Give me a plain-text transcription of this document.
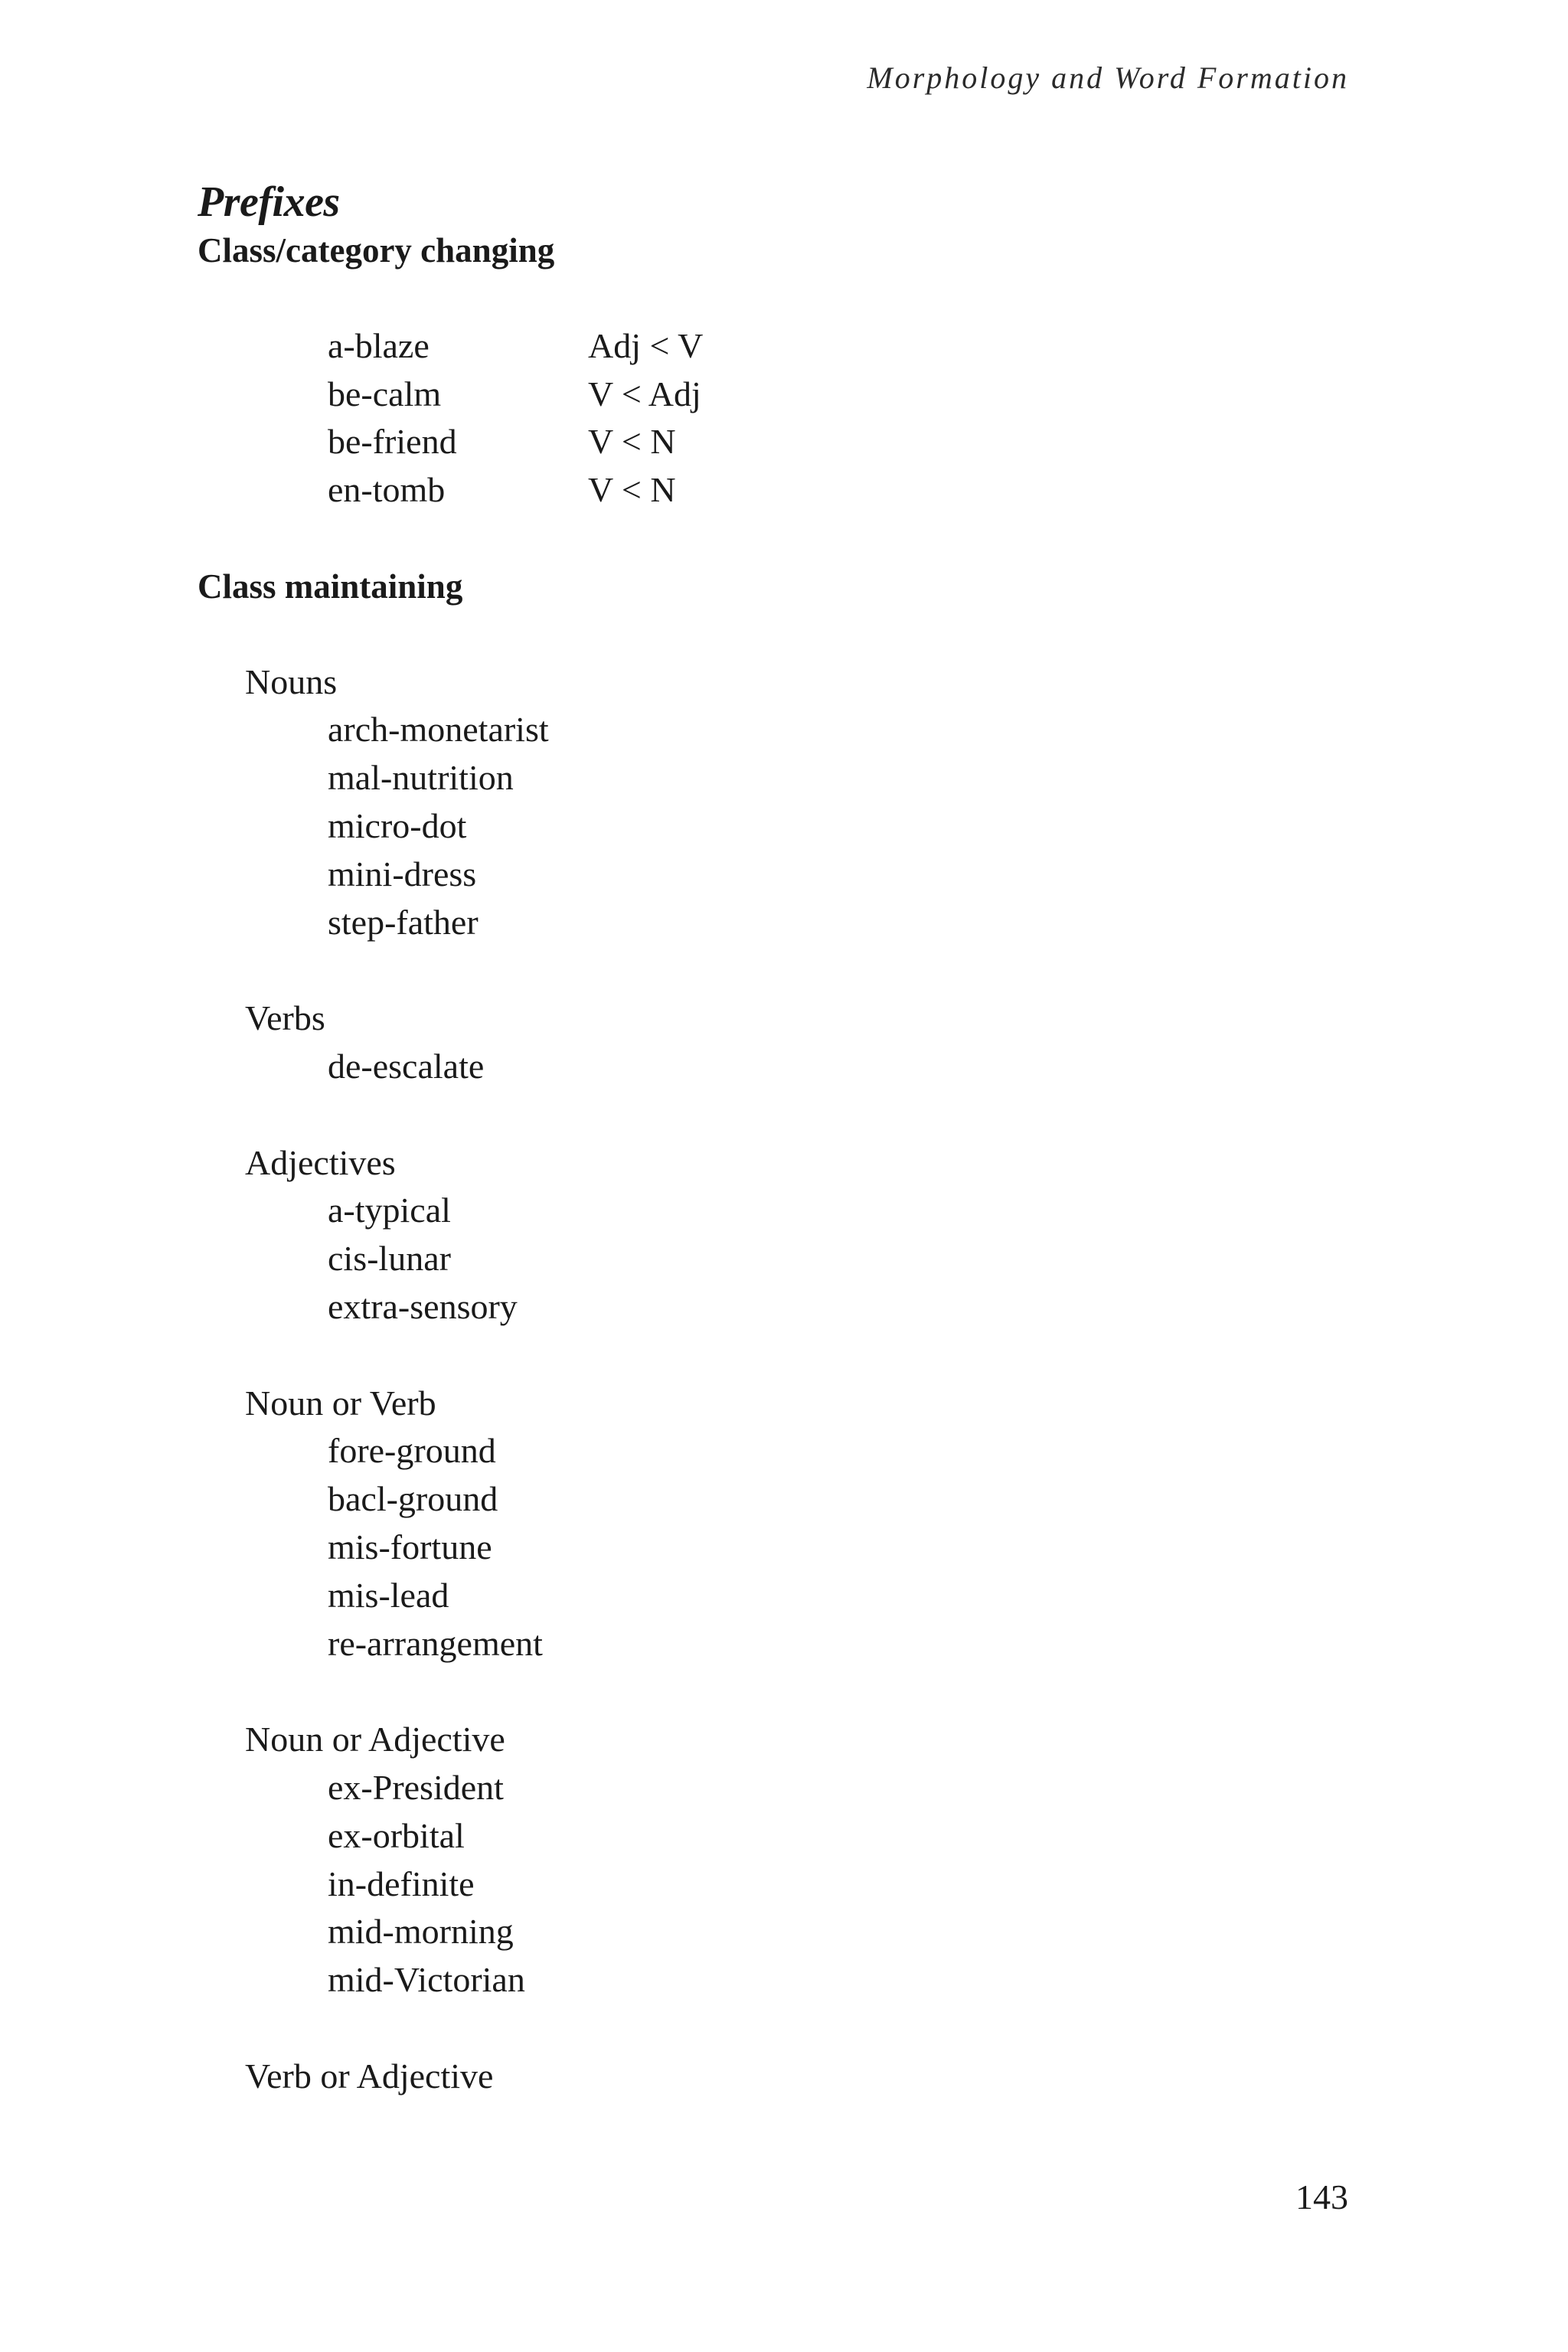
Morphology and Word Formation
Prefixes
Class/category changing
a-blaze	Adj < V
be-calm	V < Adj
be-friend	V < N
en-tomb	V < N
Class maintaining
Nouns
arch-monetarist
mal-nutrition
micro-dot
mini-dress
step-father
Verbs
de-escalate
Adjectives
a-typical
cis-lunar
extra-sensory
Noun or Verb
fore-ground
bacl-ground
mis-fortune
mis-lead
re-arrangement
Noun or Adjective
ex-President
ex-orbital
in-definite
mid-morning
mid-Victorian
Verb or Adjective
143
